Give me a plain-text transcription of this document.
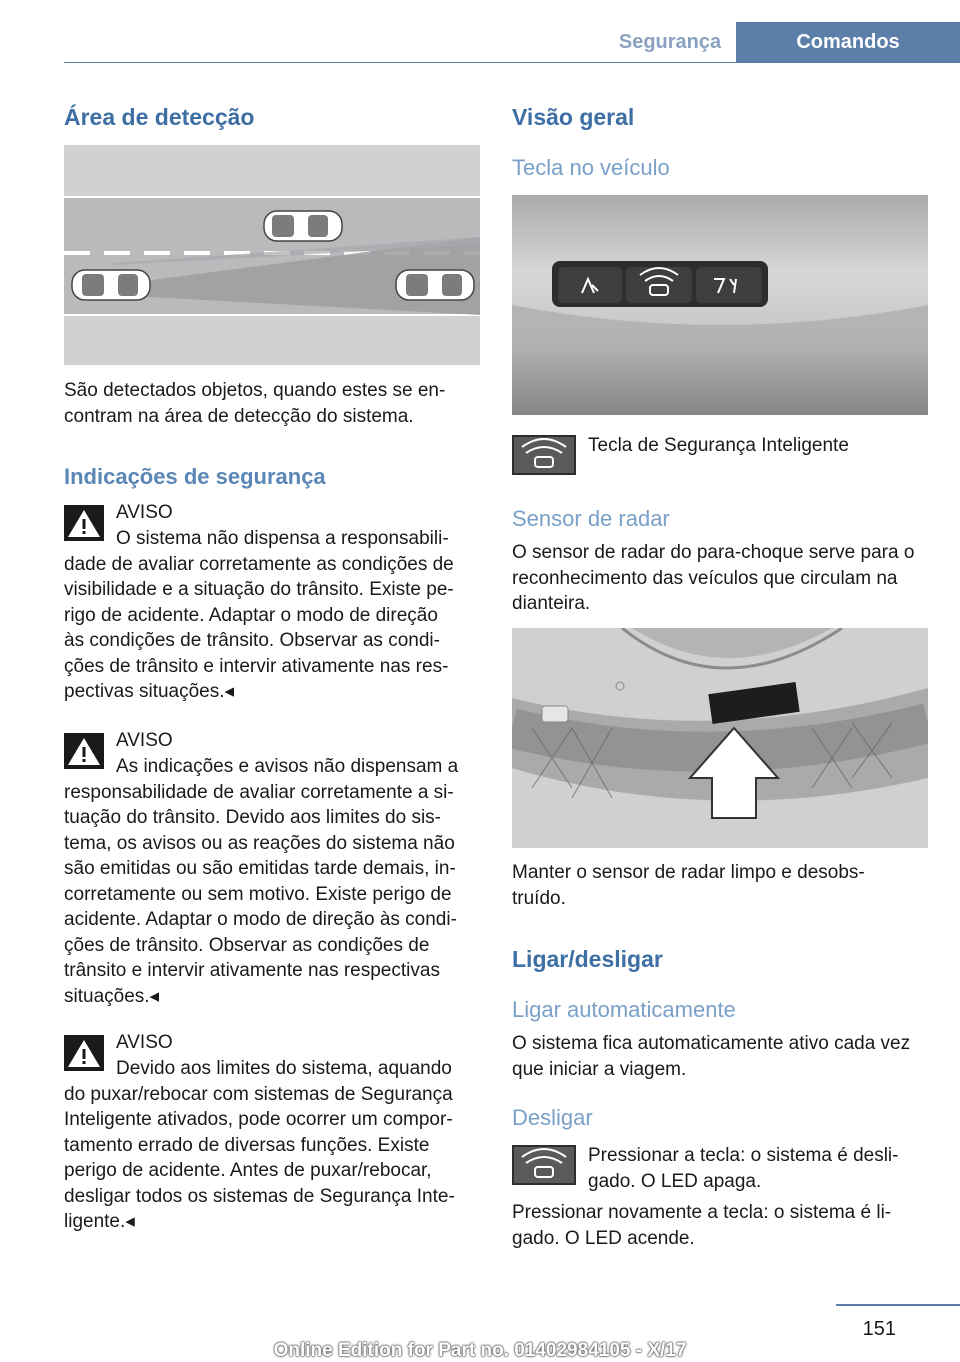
Segurança	Comandos
Área de detecção
São detectados objetos, quando estes se en-
contram na área de detecção do sistema.
Indicações de segurança
AVISO
O sistema não dispensa a responsabili-
dade de avaliar corretamente as condições de
visibilidade e a situação do trânsito. Existe pe-
rigo de acidente. Adaptar o modo de direção
às condições de trânsito. Observar as condi-
ções de trânsito e intervir ativamente nas res-
pectivas situações.◂
AVISO
As indicações e avisos não dispensam a
responsabilidade de avaliar corretamente a si-
tuação do trânsito. Devido aos limites do sis-
tema, os avisos ou as reações do sistema não
são emitidas ou são emitidas tarde demais, in-
corretamente ou sem motivo. Existe perigo de
acidente. Adaptar o modo de direção às condi-
ções de trânsito. Observar as condições de
trânsito e intervir ativamente nas respectivas
situações.◂
AVISO
Devido aos limites do sistema, aquando
do puxar/rebocar com sistemas de Segurança
Inteligente ativados, pode ocorrer um compor-
tamento errado de diversas funções. Existe
perigo de acidente. Antes de puxar/rebocar,
desligar todos os sistemas de Segurança Inte-
ligente.◂
Visão geral
Tecla no veículo
Tecla de Segurança Inteligente
Sensor de radar
O sensor de radar do para-choque serve para o
reconhecimento das veículos que circulam na
dianteira.
Manter o sensor de radar limpo e desobs-
truído.
Ligar/desligar
Ligar automaticamente
O sistema fica automaticamente ativo cada vez
que iniciar a viagem.
Desligar
Pressionar a tecla: o sistema é desli-
gado. O LED apaga.
Pressionar novamente a tecla: o sistema é li-
gado. O LED acende.
151
Online Edition for Part no. 01402984105 - X/17
